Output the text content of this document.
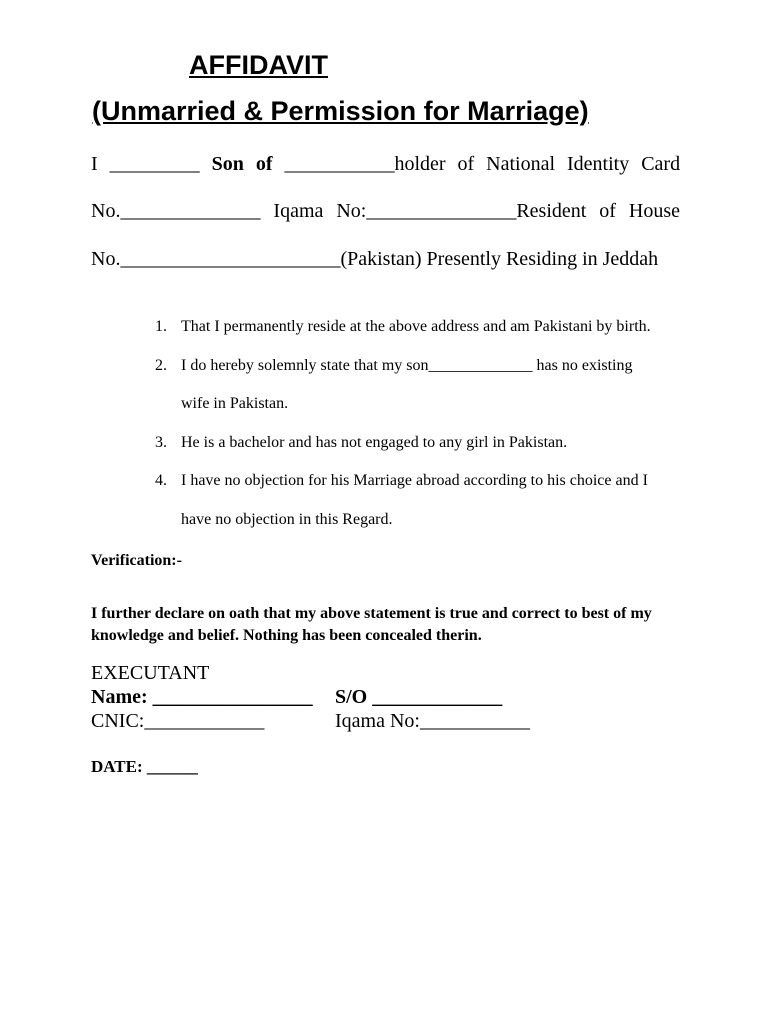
AFFIDAVIT
(Unmarried & Permission for Marriage)
I _________ Son of ___________holder of National Identity Card
No.______________ Iqama No:_______________Resident of House
No.______________________(Pakistan) Presently Residing in Jeddah
1. That I permanently reside at the above address and am Pakistani by birth.
2. I do hereby solemnly state that my son_____________ has no existing
wife in Pakistan.
3. He is a bachelor and has not engaged to any girl in Pakistan.
4. I have no objection for his Marriage abroad according to his choice and I
have no objection in this Regard.
Verification:-
I further declare on oath that my above statement is true and correct to best of my knowledge and belief. Nothing has been concealed therin.
EXECUTANT
Name: ________________ S/O _____________
CNIC:____________	Iqama No:___________
DATE: ______
